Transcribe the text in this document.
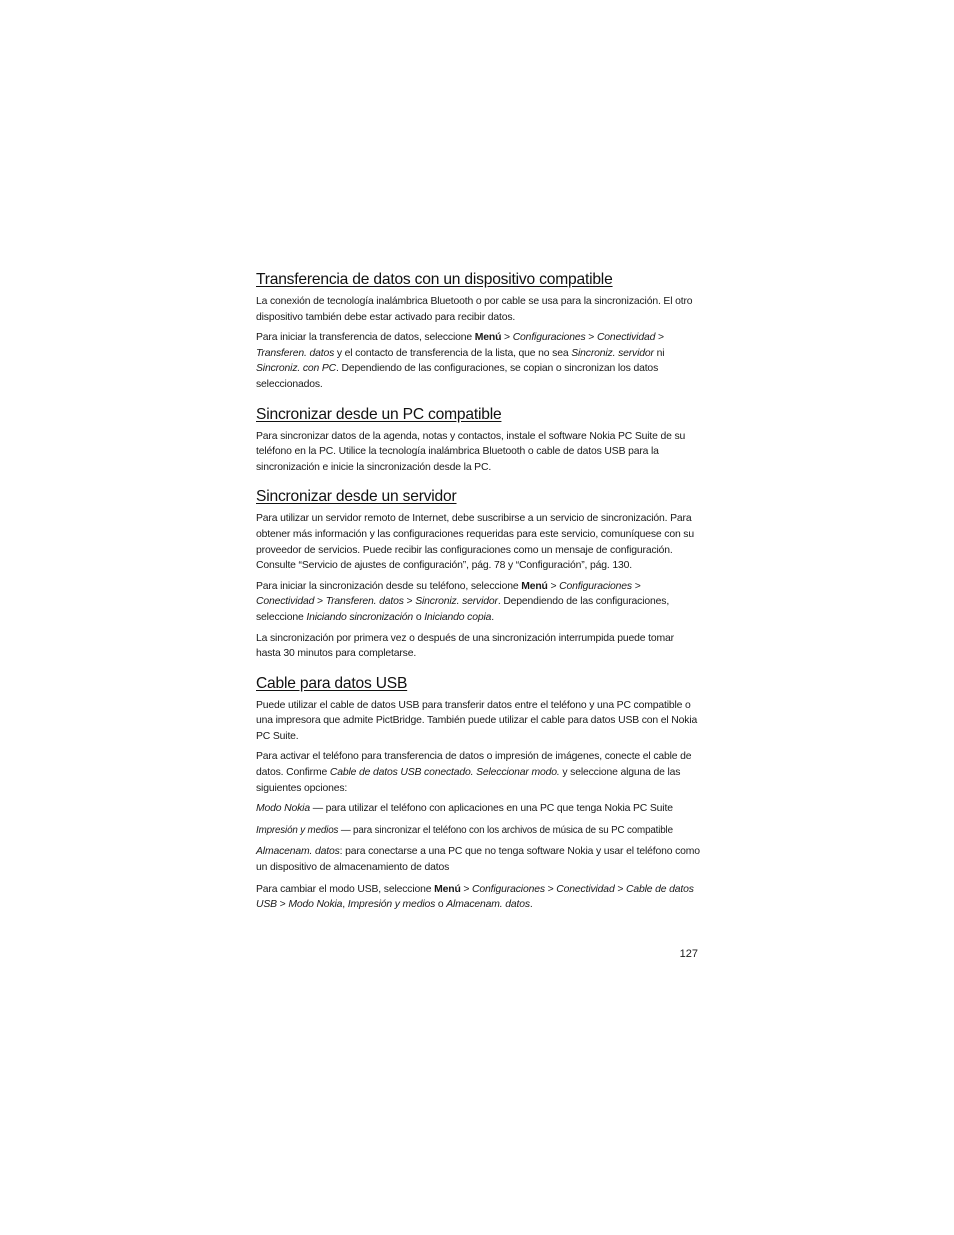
Transferencia de datos con un dispositivo compatible

La conexión de tecnología inalámbrica Bluetooth o por cable se usa para la sincronización. El otro dispositivo también debe estar activado para recibir datos.

Para iniciar la transferencia de datos, seleccione Menú > Configuraciones > Conectividad > Transferen. datos y el contacto de transferencia de la lista, que no sea Sincroniz. servidor ni Sincroniz. con PC. Dependiendo de las configuraciones, se copian o sincronizan los datos seleccionados.

Sincronizar desde un PC compatible

Para sincronizar datos de la agenda, notas y contactos, instale el software Nokia PC Suite de su teléfono en la PC. Utilice la tecnología inalámbrica Bluetooth o cable de datos USB para la sincronización e inicie la sincronización desde la PC.

Sincronizar desde un servidor

Para utilizar un servidor remoto de Internet, debe suscribirse a un servicio de sincronización. Para obtener más información y las configuraciones requeridas para este servicio, comuníquese con su proveedor de servicios. Puede recibir las configuraciones como un mensaje de configuración. Consulte “Servicio de ajustes de configuración”, pág. 78 y “Configuración”, pág. 130.

Para iniciar la sincronización desde su teléfono, seleccione Menú > Configuraciones > Conectividad > Transferen. datos > Sincroniz. servidor. Dependiendo de las configuraciones, seleccione Iniciando sincronización o Iniciando copia.

La sincronización por primera vez o después de una sincronización interrumpida puede tomar hasta 30 minutos para completarse.

Cable para datos USB

Puede utilizar el cable de datos USB para transferir datos entre el teléfono y una PC compatible o una impresora que admite PictBridge. También puede utilizar el cable para datos USB con el Nokia PC Suite.

Para activar el teléfono para transferencia de datos o impresión de imágenes, conecte el cable de datos. Confirme Cable de datos USB conectado. Seleccionar modo. y seleccione alguna de las siguientes opciones:

Modo Nokia — para utilizar el teléfono con aplicaciones en una PC que tenga Nokia PC Suite

Impresión y medios — para sincronizar el teléfono con los archivos de música de su PC compatible

Almacenam. datos: para conectarse a una PC que no tenga software Nokia y usar el teléfono como un dispositivo de almacenamiento de datos

Para cambiar el modo USB, seleccione Menú > Configuraciones > Conectividad > Cable de datos USB > Modo Nokia, Impresión y medios o Almacenam. datos.

127
